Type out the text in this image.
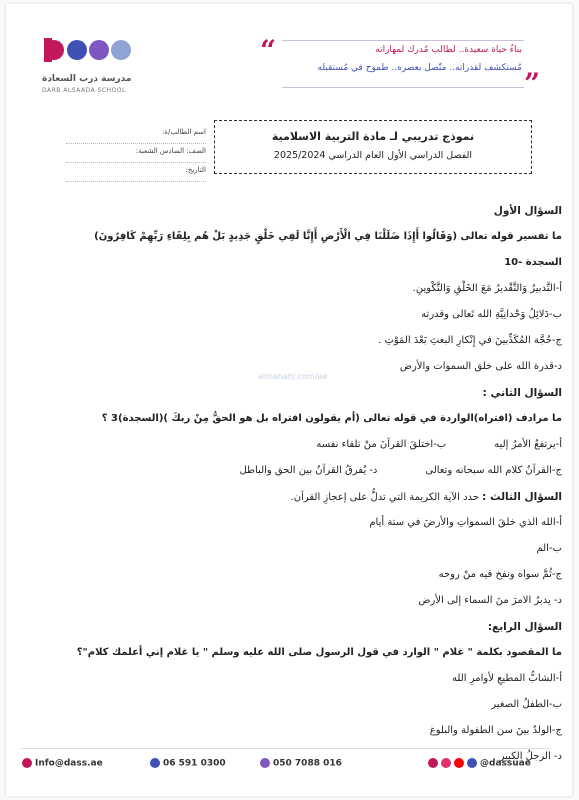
مدرسة درب السعادة
DARB ALSAADA SCHOOL
“	بناءُ حياة سعيدة.. لطالب مُدرك لمهاراته
مُستكشف لقدراته.. متّصل بعصره.. طموح في مُستقبله ”
اسم الطالب/ة:
الصف: السادس الشعبة:
التاريخ:
نموذج تدريبي لـ مادة التربية الاسلامية
الفصل الدراسي الأول العام الدراسي 2025/2024
السؤال الأول
ما تفسير قوله تعالى (وَقَالُوا أَإِذَا ضَلَلْنَا فِي الْأَرْضِ أَإِنَّا لَفِي خَلْقٍ جَدِيدٍ بَلْ هُم بِلِقَاءِ رَبِّهِمْ كَافِرُونَ)
السجدة -10
أ-التَّدبيرُ وَالتَّقْديرُ مَعَ الخَلْقِ وَالتَّكْوينِ.
ب-دَلائِلُ وَحْدانِيَّةِ الله تَعالى وقدرته
ج-حُجَّة المُكَذِّبينَ في إِنْكارِ البعثِ بَعْدَ المَوْتِ .
د-قدرة الله على خلق السموات والأرض
السؤال الثاني :
ما مرادف (افتراه)الواردة في قوله تعالى (أم يقولون افتراه بل هو الحقُّ مِنْ ربكَ )(السجدة)3 ؟
أ-يرتفعُ الأمرُ إليه
ب-اختلقَ القرآنَ منْ تلقاء نفسه
ج-القرآنُ كلام الله سبحانه وتعالى
د- يُفرقُ القرآنُ بين الحق والباطل
السؤال الثالث : حدد الآية الكريمة التي تدلُّ على إعجازِ القرآن.
أ-الله الذي خلقَ السمواتِ والأرضَ في ستة أيام
ب-الم
ج-ثُمَّ سواه ونفخ فيه منْ روحه
د- يدبرُ الامرَ منَ السماء إلى الأرض
السؤال الرابع:
ما المقصود بكلمة " غلام " الوارد في قول الرسول صلى الله عليه وسلم " يا غلام إني أعلمك كلام"؟
أ-الشابُّ المطيعِ لأوامرِ الله
ب-الطفلُ الصغير
ج-الولدُ بينَ سن الطفولة والبلوغ
د- الرجلُ الكبير
almanahj.com/ae
Info@dass.ae	06 591 0300	050 7088 016	@dassuae
